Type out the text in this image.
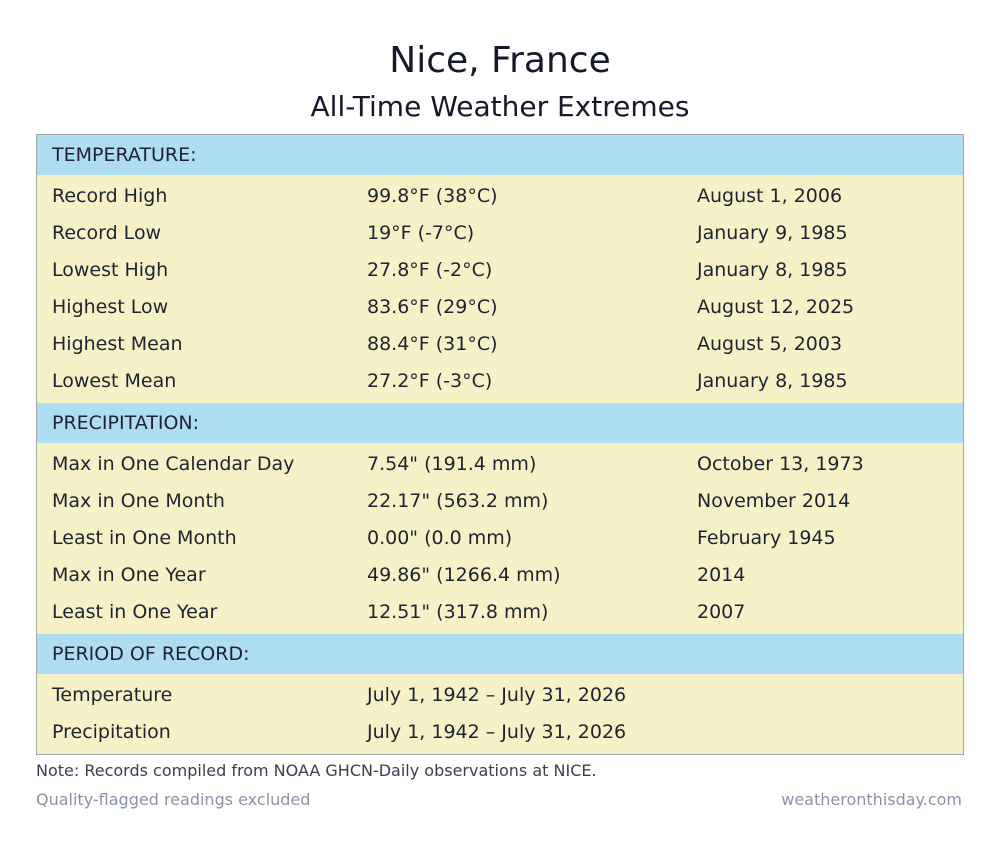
Nice, France
All-Time Weather Extremes
TEMPERATURE:
Record High	99.8°F (38°C)	August 1, 2006
Record Low	19°F (-7°C)	January 9, 1985
Lowest High	27.8°F (-2°C)	January 8, 1985
Highest Low	83.6°F (29°C)	August 12, 2025
Highest Mean	88.4°F (31°C)	August 5, 2003
Lowest Mean	27.2°F (-3°C)	January 8, 1985
PRECIPITATION:
Max in One Calendar Day	7.54" (191.4 mm)	October 13, 1973
Max in One Month	22.17" (563.2 mm)	November 2014
Least in One Month	0.00" (0.0 mm)	February 1945
Max in One Year	49.86" (1266.4 mm)	2014
Least in One Year	12.51" (317.8 mm)	2007
PERIOD OF RECORD:
Temperature	July 1, 1942 – July 31, 2026
Precipitation	July 1, 1942 – July 31, 2026
Note: Records compiled from NOAA GHCN-Daily observations at NICE.
Quality-flagged readings excluded	weatheronthisday.com
